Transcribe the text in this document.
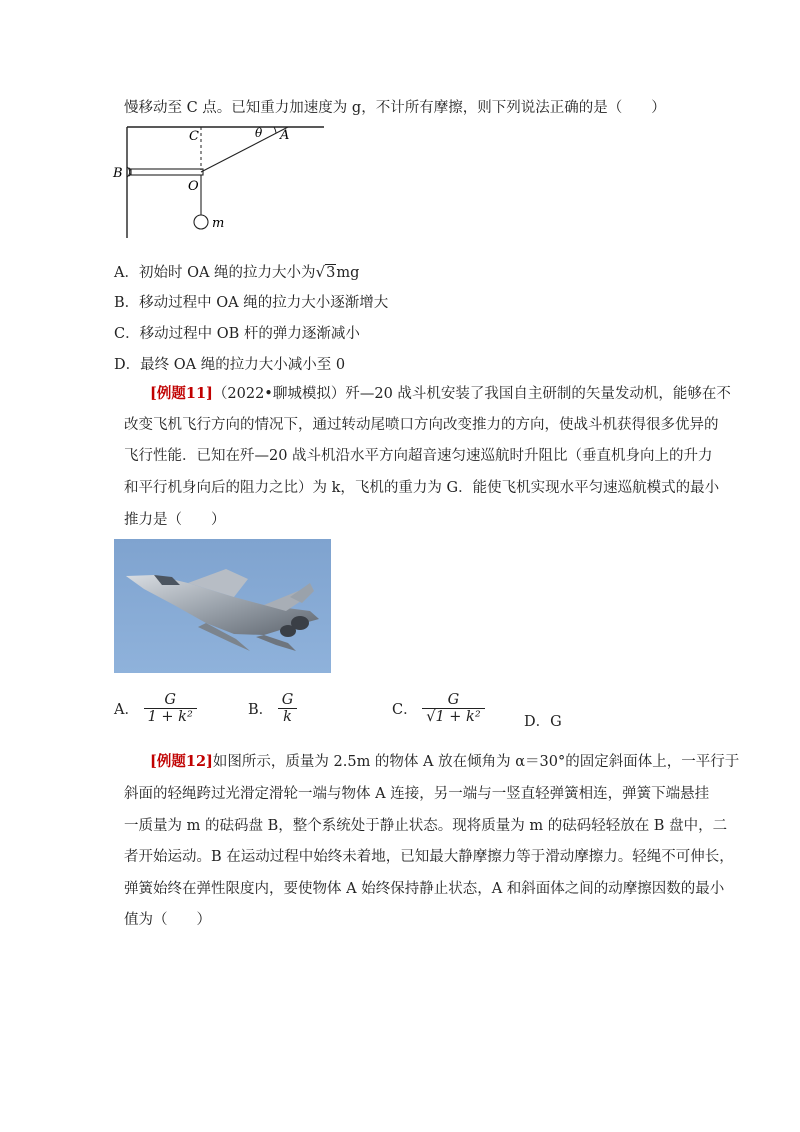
慢移动至 C 点。已知重力加速度为 g，不计所有摩擦，则下列说法正确的是（　　）
C	θ A
B
O
m
A．初始时 OA 绳的拉力大小为√3mg
B．移动过程中 OA 绳的拉力大小逐渐增大
C．移动过程中 OB 杆的弹力逐渐减小
D．最终 OA 绳的拉力大小减小至 0
[例题11]（2022•聊城模拟）歼—20 战斗机安装了我国自主研制的矢量发动机，能够在不
改变飞机飞行方向的情况下，通过转动尾喷口方向改变推力的方向，使战斗机获得很多优异的
飞行性能．已知在歼—20 战斗机沿水平方向超音速匀速巡航时升阻比（垂直机身向上的升力
和平行机身向后的阻力之比）为 k，飞机的重力为 G．能使飞机实现水平匀速巡航模式的最小
推力是（　　）
A． $\frac{G}{\text{1 + k²}}$	B． $\frac{G}{k}$	C． $\frac{G}{\text{√1 + k²}}$	D．G
[例题12]如图所示，质量为 2.5m 的物体 A 放在倾角为 α＝30°的固定斜面体上，一平行于
斜面的轻绳跨过光滑定滑轮一端与物体 A 连接，另一端与一竖直轻弹簧相连，弹簧下端悬挂
一质量为 m 的砝码盘 B，整个系统处于静止状态。现将质量为 m 的砝码轻轻放在 B 盘中，二
者开始运动。B 在运动过程中始终未着地，已知最大静摩擦力等于滑动摩擦力。轻绳不可伸长，
弹簧始终在弹性限度内，要使物体 A 始终保持静止状态，A 和斜面体之间的动摩擦因数的最小
值为（　　）
